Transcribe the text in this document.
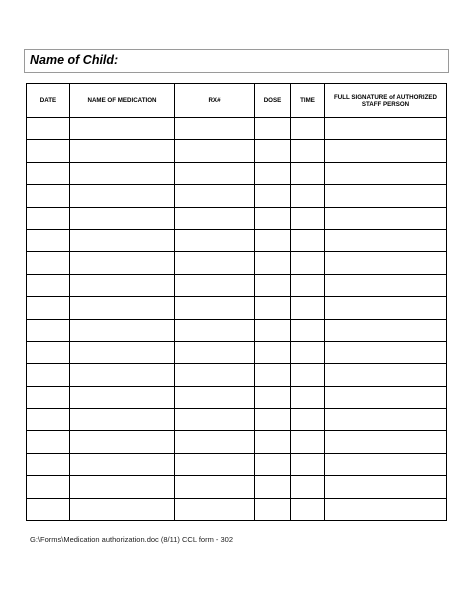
Name of Child:
DATE	NAME OF MEDICATION	RX#	DOSE	TIME	FULL SIGNATURE of AUTHORIZED STAFF PERSON

G:\Forms\Medication authorization.doc (8/11) CCL form - 302
